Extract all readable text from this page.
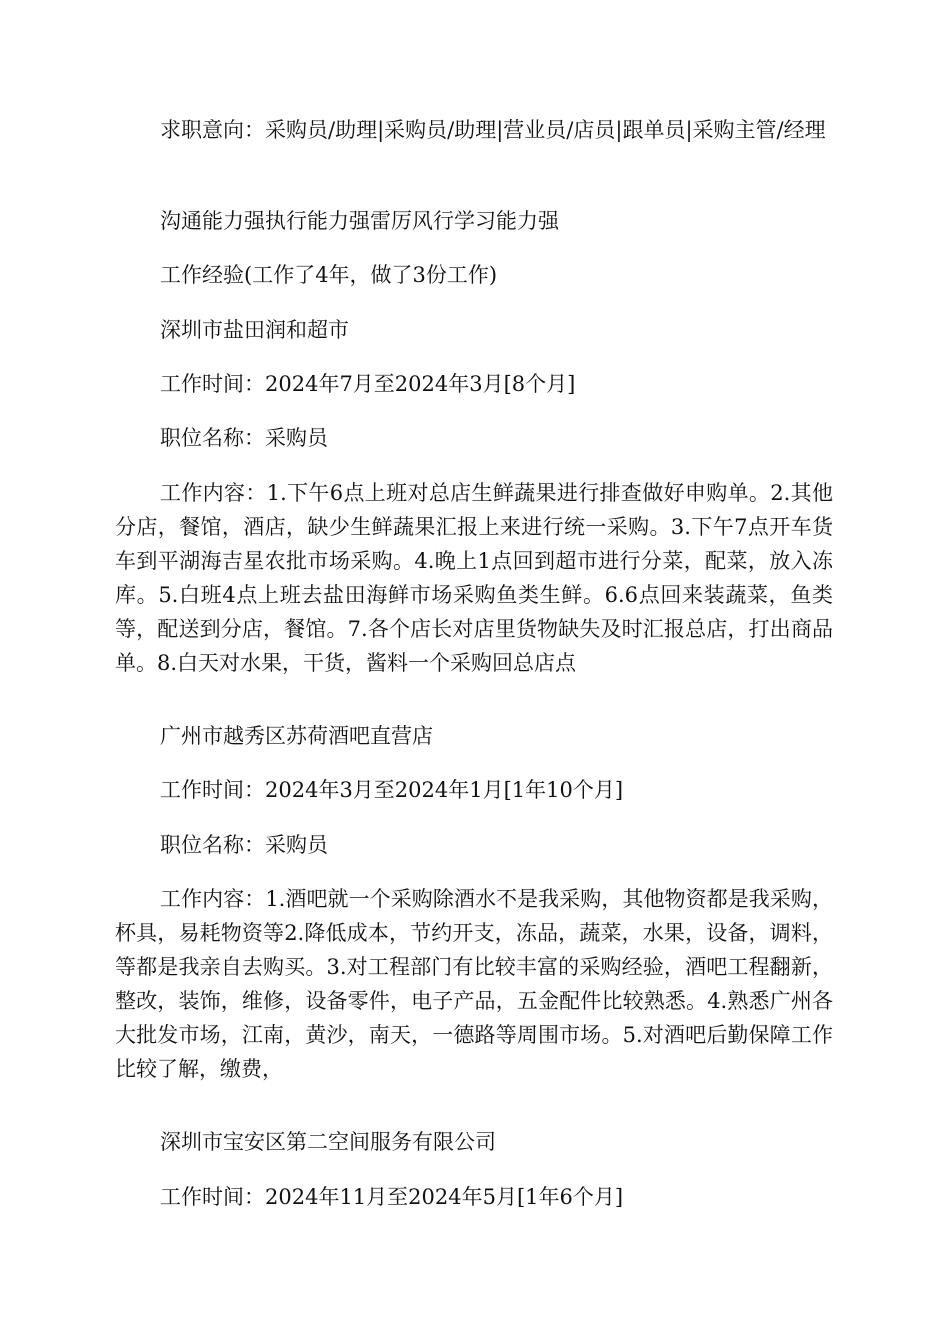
求职意向：采购员/助理|采购员/助理|营业员/店员|跟单员|采购主管/经理

沟通能力强执行能力强雷厉风行学习能力强

工作经验(工作了4年，做了3份工作)

深圳市盐田润和超市

工作时间：2024年7月至2024年3月[8个月]

职位名称：采购员

工作内容：1.下午6点上班对总店生鲜蔬果进行排查做好申购单。2.其他分店，餐馆，酒店，缺少生鲜蔬果汇报上来进行统一采购。3.下午7点开车货车到平湖海吉星农批市场采购。4.晚上1点回到超市进行分菜，配菜，放入冻库。5.白班4点上班去盐田海鲜市场采购鱼类生鲜。6.6点回来装蔬菜，鱼类等，配送到分店，餐馆。7.各个店长对店里货物缺失及时汇报总店，打出商品单。8.白天对水果，干货，酱料一个采购回总店点

广州市越秀区苏荷酒吧直营店

工作时间：2024年3月至2024年1月[1年10个月]

职位名称：采购员

工作内容：1.酒吧就一个采购除酒水不是我采购，其他物资都是我采购，杯具，易耗物资等2.降低成本，节约开支，冻品，蔬菜，水果，设备，调料，等都是我亲自去购买。3.对工程部门有比较丰富的采购经验，酒吧工程翻新，整改，装饰，维修，设备零件，电子产品，五金配件比较熟悉。4.熟悉广州各大批发市场，江南，黄沙，南天，一德路等周围市场。5.对酒吧后勤保障工作比较了解，缴费，

深圳市宝安区第二空间服务有限公司

工作时间：2024年11月至2024年5月[1年6个月]
